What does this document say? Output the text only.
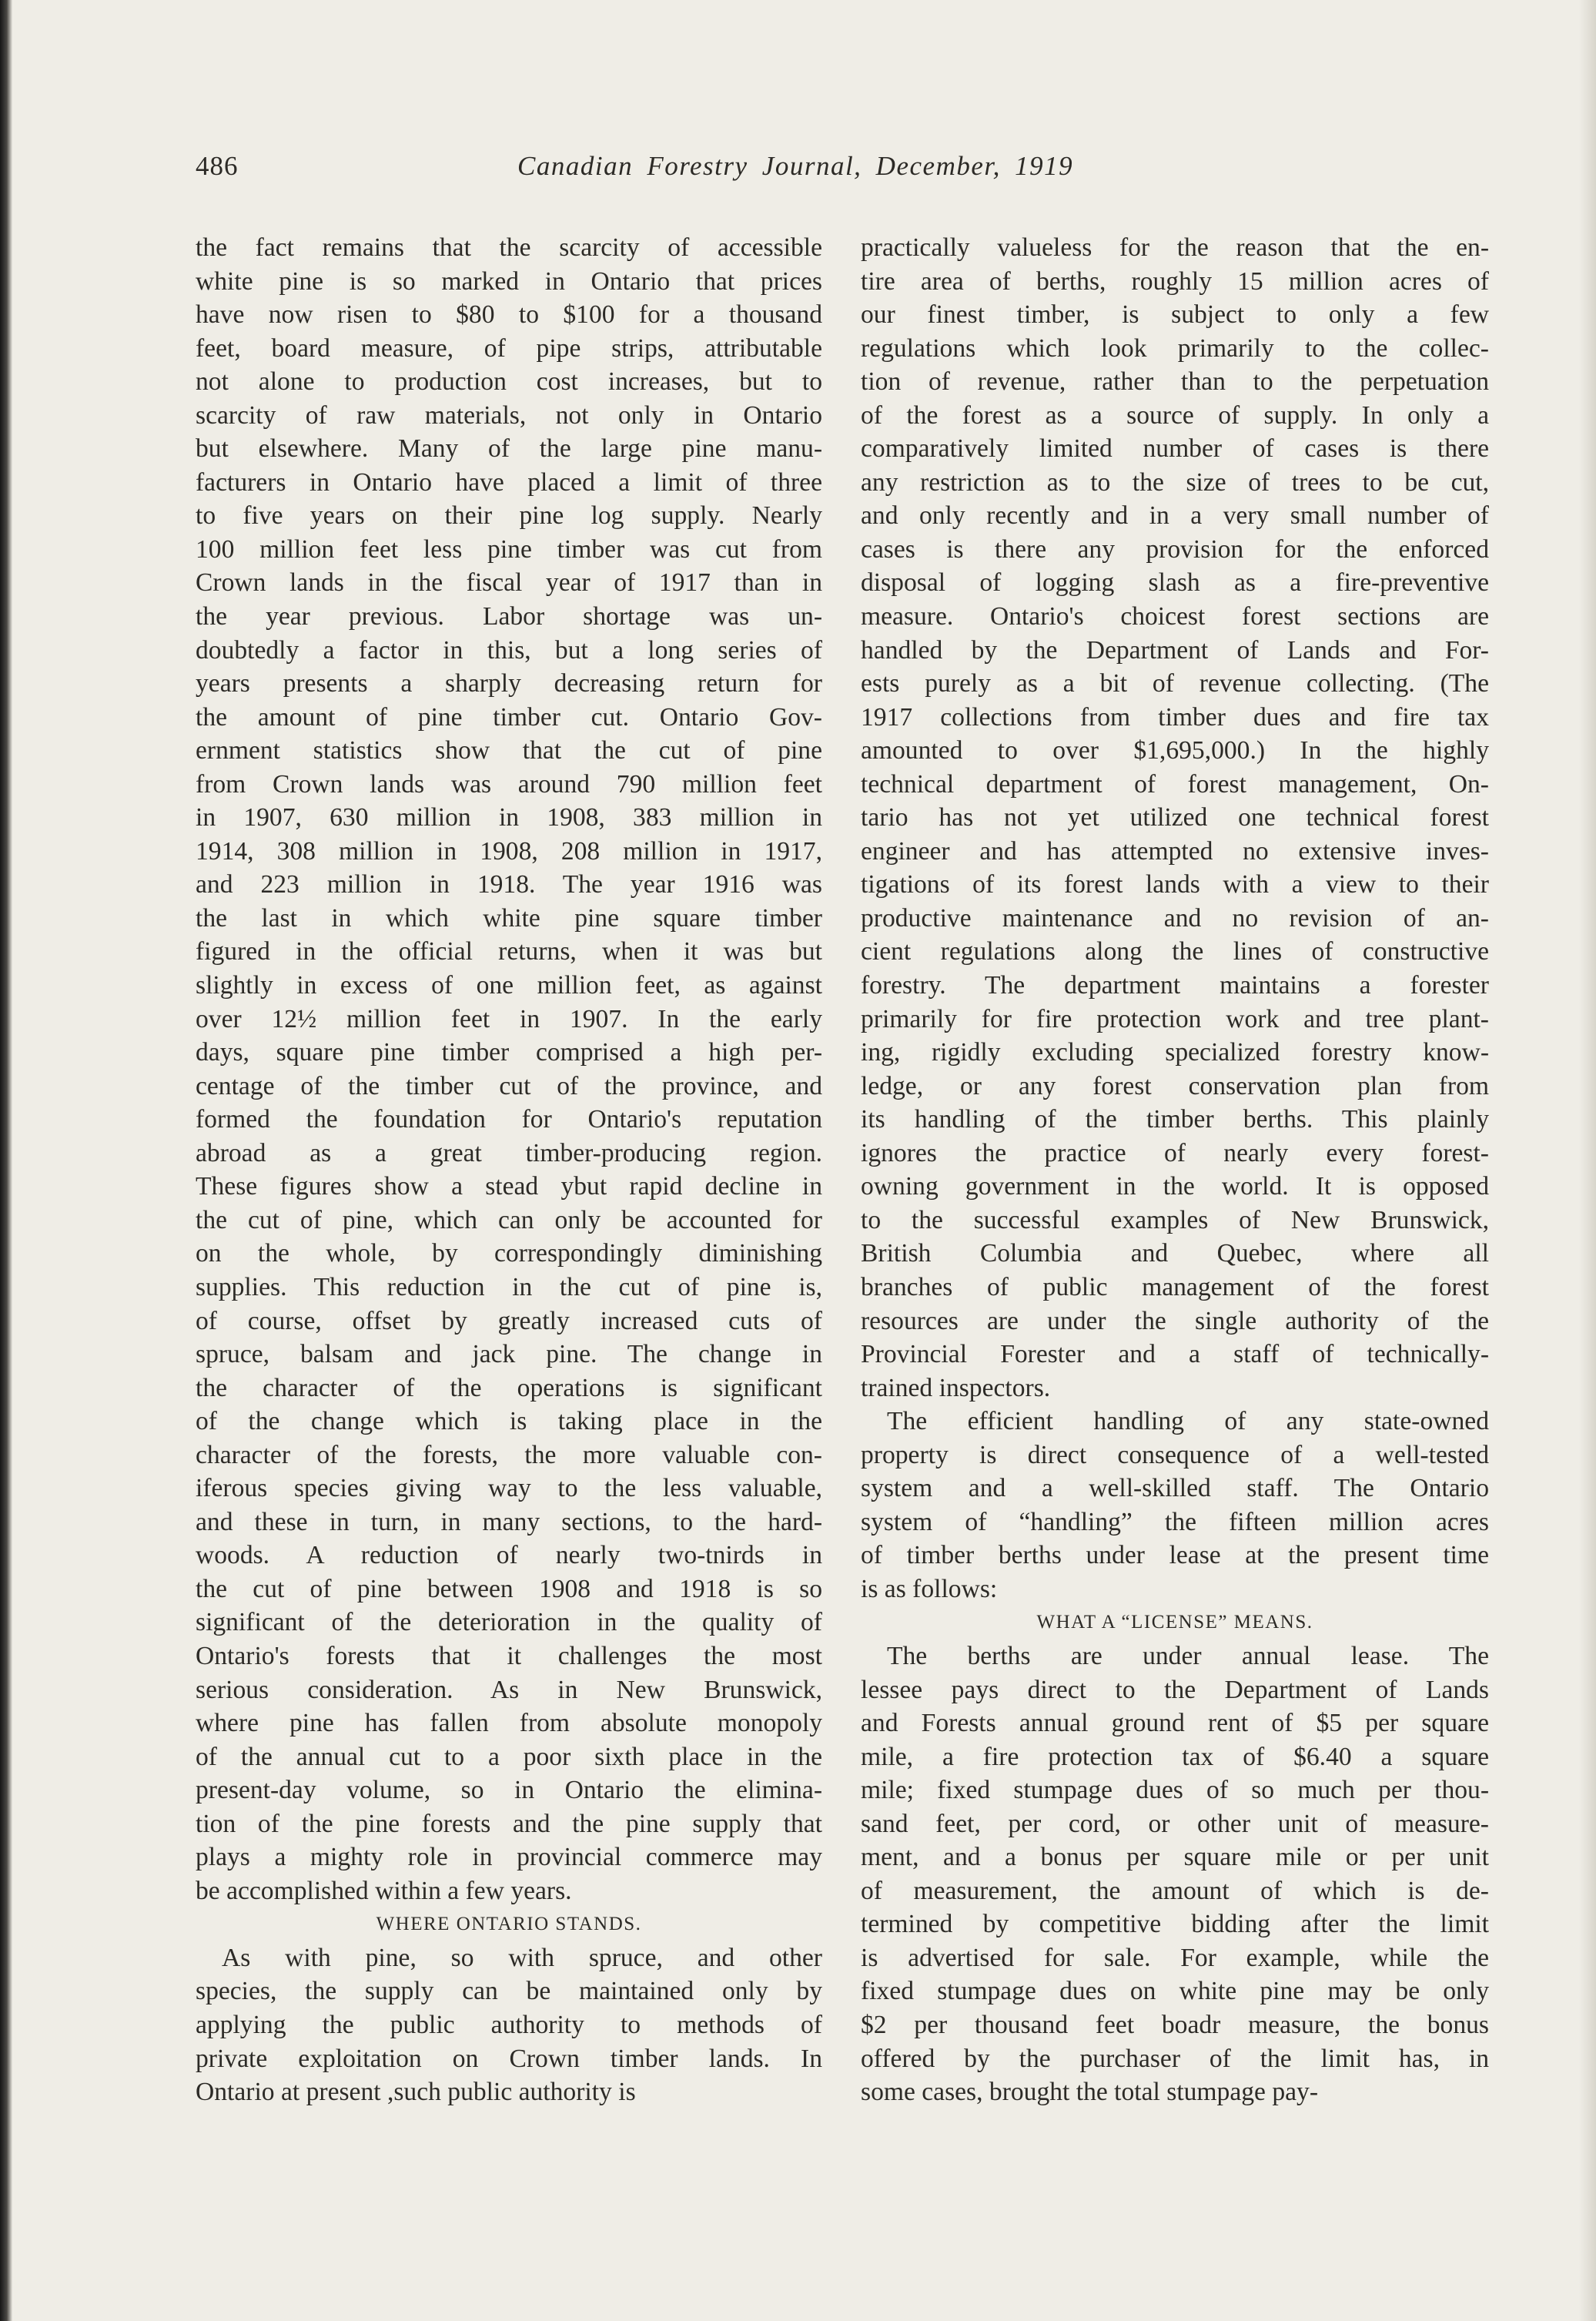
486	Canadian Forestry Journal, December, 1919
the fact remains that the scarcity of accessible
white pine is so marked in Ontario that prices
have now risen to $80 to $100 for a thousand
feet, board measure, of pipe strips, attributable
not alone to production cost increases, but to
scarcity of raw materials, not only in Ontario
but elsewhere. Many of the large pine manu-
facturers in Ontario have placed a limit of three
to five years on their pine log supply. Nearly
100 million feet less pine timber was cut from
Crown lands in the fiscal year of 1917 than in
the year previous. Labor shortage was un-
doubtedly a factor in this, but a long series of
years presents a sharply decreasing return for
the amount of pine timber cut. Ontario Gov-
ernment statistics show that the cut of pine
from Crown lands was around 790 million feet
in 1907, 630 million in 1908, 383 million in
1914, 308 million in 1908, 208 million in 1917,
and 223 million in 1918. The year 1916 was
the last in which white pine square timber
figured in the official returns, when it was but
slightly in excess of one million feet, as against
over 12½ million feet in 1907. In the early
days, square pine timber comprised a high per-
centage of the timber cut of the province, and
formed the foundation for Ontario's reputation
abroad as a great timber-producing region.
These figures show a stead ybut rapid decline in
the cut of pine, which can only be accounted for
on the whole, by correspondingly diminishing
supplies. This reduction in the cut of pine is,
of course, offset by greatly increased cuts of
spruce, balsam and jack pine. The change in
the character of the operations is significant
of the change which is taking place in the
character of the forests, the more valuable con-
iferous species giving way to the less valuable,
and these in turn, in many sections, to the hard-
woods. A reduction of nearly two-tnirds in
the cut of pine between 1908 and 1918 is so
significant of the deterioration in the quality of
Ontario's forests that it challenges the most
serious consideration. As in New Brunswick,
where pine has fallen from absolute monopoly
of the annual cut to a poor sixth place in the
present-day volume, so in Ontario the elimina-
tion of the pine forests and the pine supply that
plays a mighty role in provincial commerce may
be accomplished within a few years.
WHERE ONTARIO STANDS.
As with pine, so with spruce, and other
species, the supply can be maintained only by
applying the public authority to methods of
private exploitation on Crown timber lands. In
Ontario at present ,such public authority is
practically valueless for the reason that the en-
tire area of berths, roughly 15 million acres of
our finest timber, is subject to only a few
regulations which look primarily to the collec-
tion of revenue, rather than to the perpetuation
of the forest as a source of supply. In only a
comparatively limited number of cases is there
any restriction as to the size of trees to be cut,
and only recently and in a very small number of
cases is there any provision for the enforced
disposal of logging slash as a fire-preventive
measure. Ontario's choicest forest sections are
handled by the Department of Lands and For-
ests purely as a bit of revenue collecting. (The
1917 collections from timber dues and fire tax
amounted to over $1,695,000.) In the highly
technical department of forest management, On-
tario has not yet utilized one technical forest
engineer and has attempted no extensive inves-
tigations of its forest lands with a view to their
productive maintenance and no revision of an-
cient regulations along the lines of constructive
forestry. The department maintains a forester
primarily for fire protection work and tree plant-
ing, rigidly excluding specialized forestry know-
ledge, or any forest conservation plan from
its handling of the timber berths. This plainly
ignores the practice of nearly every forest-
owning government in the world. It is opposed
to the successful examples of New Brunswick,
British Columbia and Quebec, where all
branches of public management of the forest
resources are under the single authority of the
Provincial Forester and a staff of technically-
trained inspectors.
The efficient handling of any state-owned
property is direct consequence of a well-tested
system and a well-skilled staff. The Ontario
system of “handling” the fifteen million acres
of timber berths under lease at the present time
is as follows:
WHAT A “LICENSE” MEANS.
The berths are under annual lease. The
lessee pays direct to the Department of Lands
and Forests annual ground rent of $5 per square
mile, a fire protection tax of $6.40 a square
mile; fixed stumpage dues of so much per thou-
sand feet, per cord, or other unit of measure-
ment, and a bonus per square mile or per unit
of measurement, the amount of which is de-
termined by competitive bidding after the limit
is advertised for sale. For example, while the
fixed stumpage dues on white pine may be only
$2 per thousand feet boadr measure, the bonus
offered by the purchaser of the limit has, in
some cases, brought the total stumpage pay-
